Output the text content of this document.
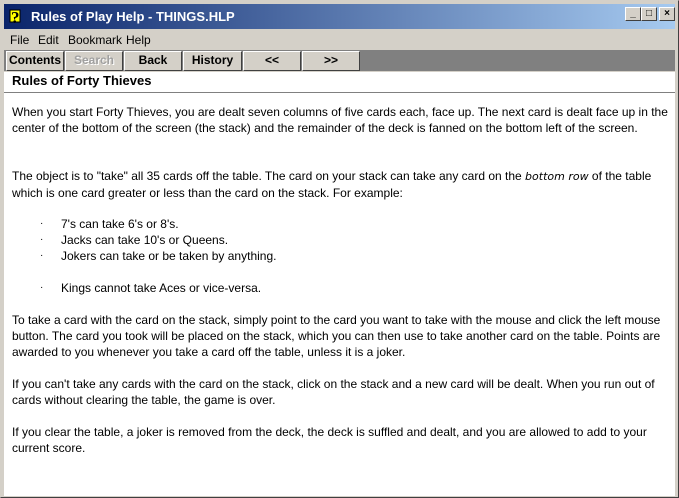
? Rules of Play Help - THINGS.HLP	_	□	×
File Edit Bookmark Help
Contents	Search	Back	History	<<	>>
Rules of Forty Thieves
When you start Forty Thieves, you are dealt seven columns of five cards each, face up. The next card is dealt face up in the center of the bottom of the screen (the stack) and the remainder of the deck is fanned on the bottom left of the screen.
The object is to "take" all 35 cards off the table. The card on your stack can take any card on the bottom row of the table which is one card greater or less than the card on the stack. For example:
· 7's can take 6's or 8's.
· Jacks can take 10's or Queens.
· Jokers can take or be taken by anything.
· Kings cannot take Aces or vice-versa.
To take a card with the card on the stack, simply point to the card you want to take with the mouse and click the left mouse button. The card you took will be placed on the stack, which you can then use to take another card on the table. Points are awarded to you whenever you take a card off the table, unless it is a joker.
If you can't take any cards with the card on the stack, click on the stack and a new card will be dealt. When you run out of cards without clearing the table, the game is over.
If you clear the table, a joker is removed from the deck, the deck is suffled and dealt, and you are allowed to add to your current score.
